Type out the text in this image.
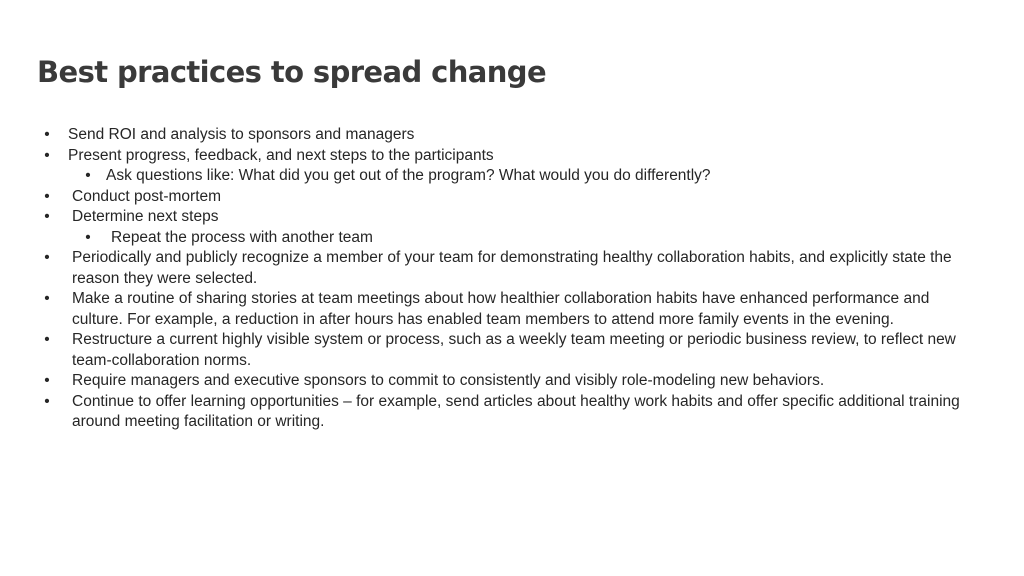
Best practices to spread change
• Send ROI and analysis to sponsors and managers
• Present progress, feedback, and next steps to the participants
• Ask questions like: What did you get out of the program? What would you do differently?
• Conduct post-mortem
• Determine next steps
• Repeat the process with another team
• Periodically and publicly recognize a member of your team for demonstrating healthy collaboration habits, and explicitly state the reason they were selected.
• Make a routine of sharing stories at team meetings about how healthier collaboration habits have enhanced performance and culture. For example, a reduction in after hours has enabled team members to attend more family events in the evening.
• Restructure a current highly visible system or process, such as a weekly team meeting or periodic business review, to reflect new team-collaboration norms.
• Require managers and executive sponsors to commit to consistently and visibly role-modeling new behaviors.
• Continue to offer learning opportunities – for example, send articles about healthy work habits and offer specific additional training around meeting facilitation or writing.
